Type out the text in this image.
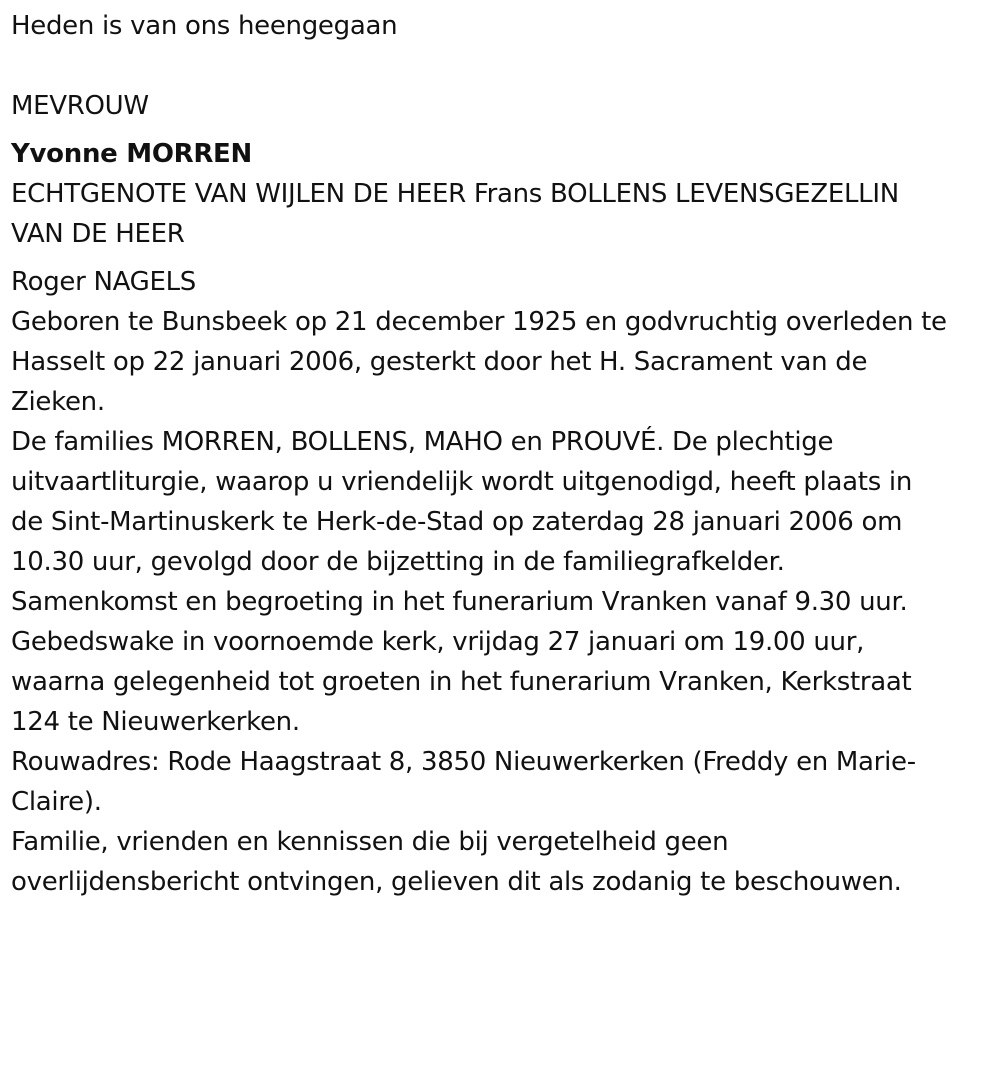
Heden is van ons heengegaan

MEVROUW

Yvonne MORREN

ECHTGENOTE VAN WIJLEN DE HEER Frans BOLLENS LEVENSGEZELLIN

VAN DE HEER

Roger NAGELS

Geboren te Bunsbeek op 21 december 1925 en godvruchtig overleden te

Hasselt op 22 januari 2006, gesterkt door het H. Sacrament van de

Zieken.

De families MORREN, BOLLENS, MAHO en PROUVÉ. De plechtige

uitvaartliturgie, waarop u vriendelijk wordt uitgenodigd, heeft plaats in

de Sint-Martinuskerk te Herk-de-Stad op zaterdag 28 januari 2006 om

10.30 uur, gevolgd door de bijzetting in de familiegrafkelder.

Samenkomst en begroeting in het funerarium Vranken vanaf 9.30 uur.

Gebedswake in voornoemde kerk, vrijdag 27 januari om 19.00 uur,

waarna gelegenheid tot groeten in het funerarium Vranken, Kerkstraat

124 te Nieuwerkerken.

Rouwadres: Rode Haagstraat 8, 3850 Nieuwerkerken (Freddy en Marie-

Claire).

Familie, vrienden en kennissen die bij vergetelheid geen

overlijdensbericht ontvingen, gelieven dit als zodanig te beschouwen.
